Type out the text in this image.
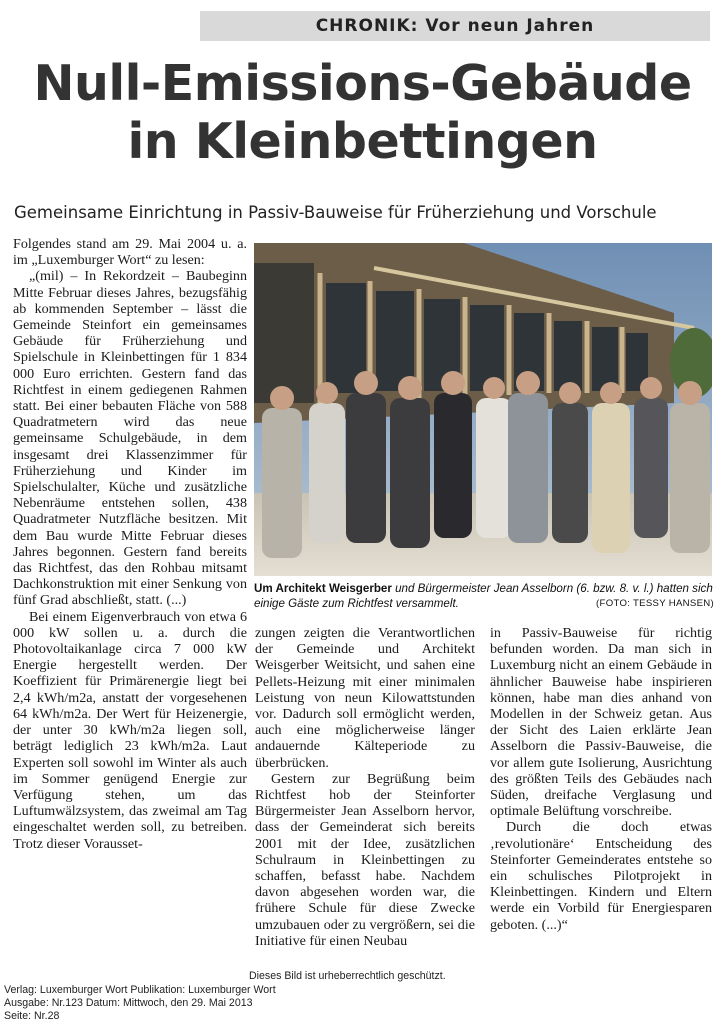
CHRONIK: Vor neun Jahren
Null-Emissions-Gebäude
in Kleinbettingen
Gemeinsame Einrichtung in Passiv-Bauweise für Früherziehung und Vorschule

Folgendes stand am 29. Mai 2004 u. a. im „Luxemburger Wort“ zu lesen:

„(mil) – In Rekordzeit – Baubeginn Mitte Februar dieses Jahres, bezugsfähig ab kommenden September – lässt die Gemeinde Steinfort ein gemeinsames Gebäude für Früherziehung und Spielschule in Kleinbettingen für 1 834 000 Euro errichten. Gestern fand das Richtfest in einem gediegenen Rahmen statt. Bei einer bebauten Fläche von 588 Quadratmetern wird das neue gemeinsame Schulgebäude, in dem insgesamt drei Klassenzimmer für Früherziehung und Kinder im Spielschulalter, Küche und zusätzliche Nebenräume entstehen sollen, 438 Quadratmeter Nutzfläche besitzen. Mit dem Bau wurde Mitte Februar dieses Jahres begonnen. Gestern fand bereits das Richtfest, das den Rohbau mitsamt Dachkonstruktion mit einer Senkung von fünf Grad abschließt, statt. (...)

Bei einem Eigenverbrauch von etwa 6 000 kW sollen u. a. durch die Photovoltaikanlage circa 7 000 kW Energie hergestellt werden. Der Koeffizient für Primärenergie liegt bei 2,4 kWh/m2a, anstatt der vorgesehenen 64 kWh/m2a. Der Wert für Heizenergie, der unter 30 kWh/m2a liegen soll, beträgt lediglich 23 kWh/m2a. Laut Experten soll sowohl im Winter als auch im Sommer genügend Energie zur Verfügung stehen, um das Luftumwälzsystem, das zweimal am Tag eingeschaltet werden soll, zu betreiben. Trotz dieser Vorausset-

Um Architekt Weisgerber und Bürgermeister Jean Asselborn (6. bzw. 8. v. l.) hatten sich einige Gäste zum Richtfest versammelt.	(FOTO: TESSY HANSEN)

zungen zeigten die Verantwortlichen der Gemeinde und Architekt Weisgerber Weitsicht, und sahen eine Pellets-Heizung mit einer minimalen Leistung von neun Kilowattstunden vor. Dadurch soll ermöglicht werden, auch eine möglicherweise länger andauernde Kälteperiode zu überbrücken.

Gestern zur Begrüßung beim Richtfest hob der Steinforter Bürgermeister Jean Asselborn hervor, dass der Gemeinderat sich bereits 2001 mit der Idee, zusätzlichen Schulraum in Kleinbettingen zu schaffen, befasst habe. Nachdem davon abgesehen worden war, die frühere Schule für diese Zwecke umzubauen oder zu vergrößern, sei die Initiative für einen Neubau

in Passiv-Bauweise für richtig befunden worden. Da man sich in Luxemburg nicht an einem Gebäude in ähnlicher Bauweise habe inspirieren können, habe man dies anhand von Modellen in der Schweiz getan. Aus der Sicht des Laien erklärte Jean Asselborn die Passiv-Bauweise, die vor allem gute Isolierung, Ausrichtung des größten Teils des Gebäudes nach Süden, dreifache Verglasung und optimale Belüftung vorschreibe.

Durch die doch etwas ‚revolutionäre‘ Entscheidung des Steinforter Gemeinderates entstehe so ein schulisches Pilotprojekt in Kleinbettingen. Kindern und Eltern werde ein Vorbild für Energiesparen geboten. (...)“

Dieses Bild ist urheberrechtlich geschützt.
Verlag: Luxemburger Wort Publikation: Luxemburger Wort
Ausgabe: Nr.123 Datum: Mittwoch, den 29. Mai 2013
Seite: Nr.28
